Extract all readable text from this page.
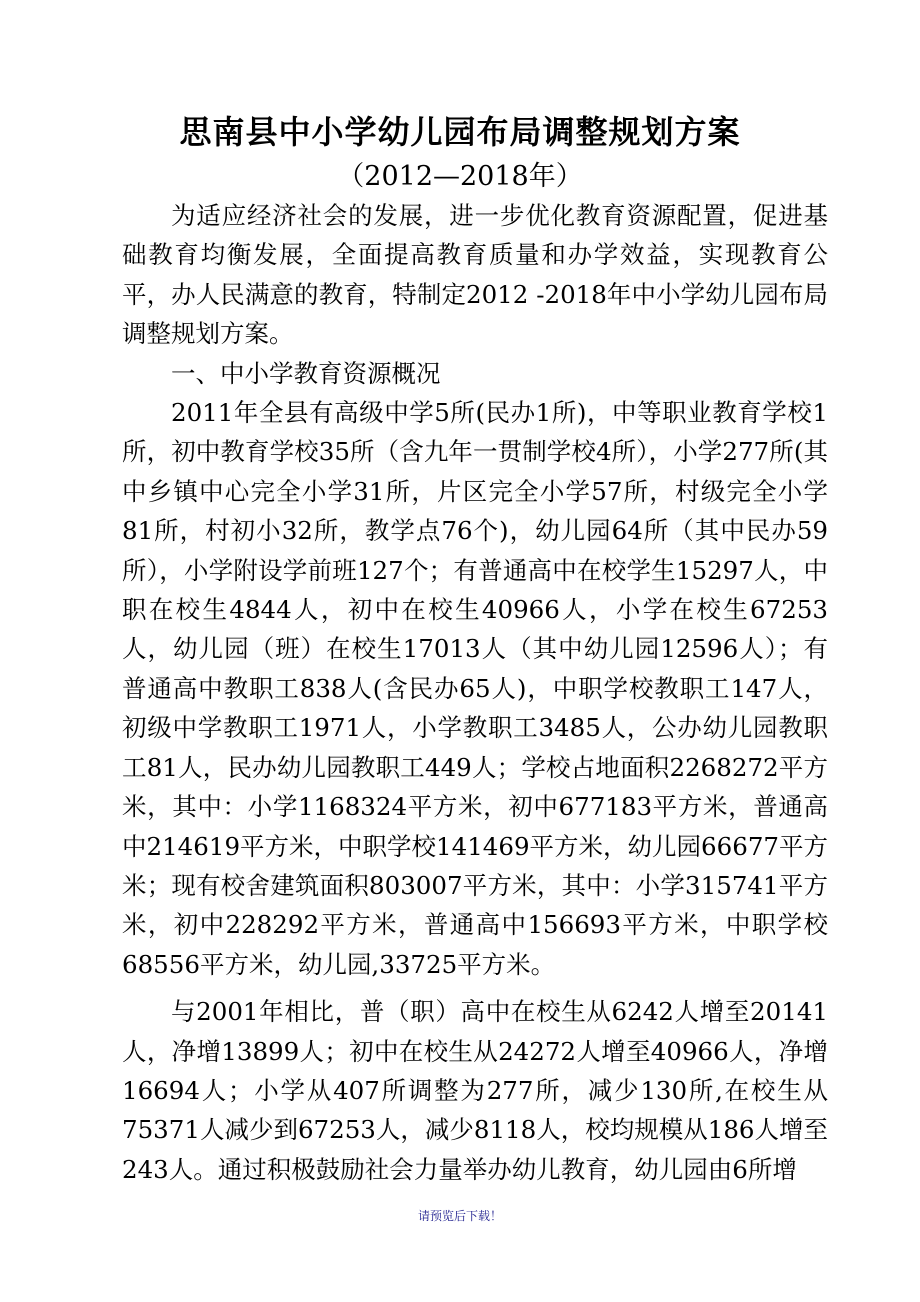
思南县中小学幼儿园布局调整规划方案
（2012—2018年）

为适应经济社会的发展，进一步优化教育资源配置，促进基础教育均衡发展，全面提高教育质量和办学效益，实现教育公平，办人民满意的教育，特制定2012 -2018年中小学幼儿园布局调整规划方案。

一、中小学教育资源概况

2011年全县有高级中学5所(民办1所)，中等职业教育学校1所，初中教育学校35所（含九年一贯制学校4所），小学277所(其中乡镇中心完全小学31所，片区完全小学57所，村级完全小学81所，村初小32所，教学点76个)，幼儿园64所（其中民办59所），小学附设学前班127个；有普通高中在校学生15297人，中职在校生4844人，初中在校生40966人，小学在校生67253人，幼儿园（班）在校生17013人（其中幼儿园12596人）；有普通高中教职工838人(含民办65人)，中职学校教职工147人，初级中学教职工1971人，小学教职工3485人，公办幼儿园教职工81人，民办幼儿园教职工449人；学校占地面积2268272平方米，其中：小学1168324平方米，初中677183平方米，普通高中214619平方米，中职学校141469平方米，幼儿园66677平方米；现有校舍建筑面积803007平方米，其中：小学315741平方米，初中228292平方米，普通高中156693平方米，中职学校68556平方米，幼儿园,33725平方米。

与2001年相比，普（职）高中在校生从6242人增至20141人，净增13899人；初中在校生从24272人增至40966人，净增16694人；小学从407所调整为277所，减少130所,在校生从75371人减少到67253人，减少8118人，校均规模从186人增至243人。通过积极鼓励社会力量举办幼儿教育，幼儿园由6所增

请预览后下载！
